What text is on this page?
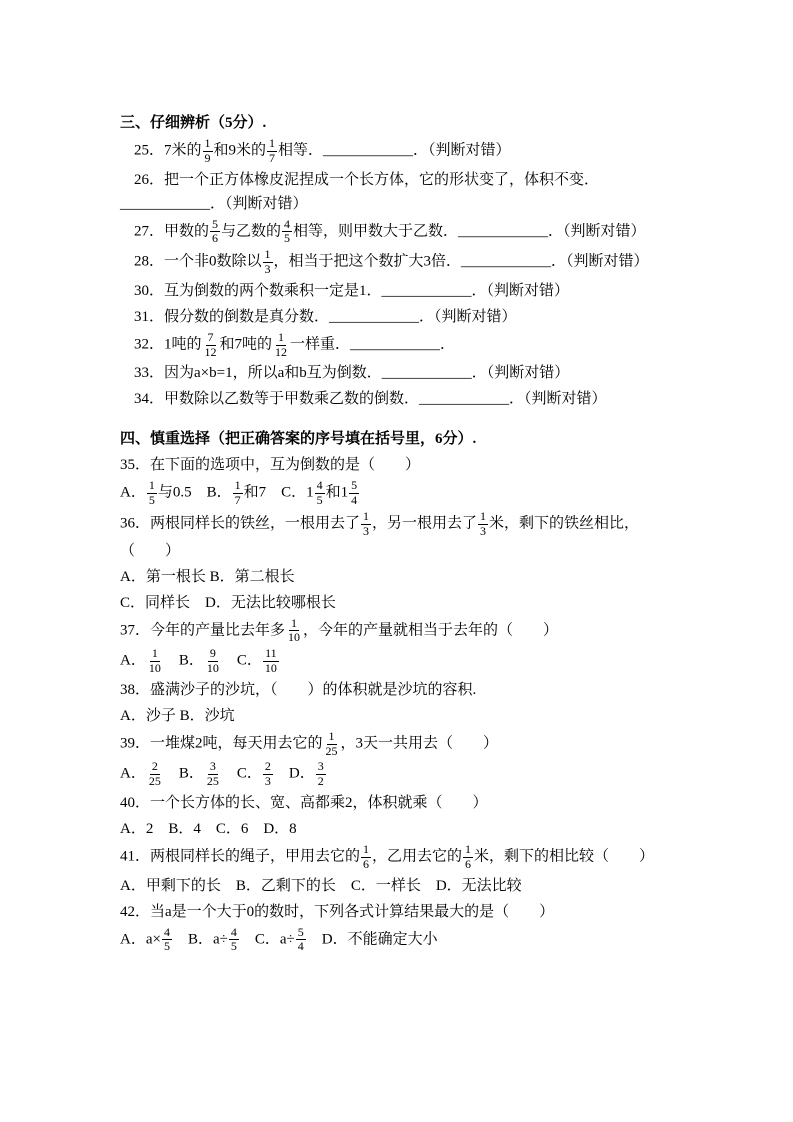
三、仔细辨析（5分）.
25．7米的 $\frac{1}{9}$ 和9米的 $\frac{1}{7}$ 相等．____________．（判断对错）
26．把一个正方体橡皮泥捏成一个长方体，它的形状变了，体积不变．____________．（判断对错）
27．甲数的 $\frac{5}{6}$ 与乙数的 $\frac{4}{5}$ 相等，则甲数大于乙数．____________．（判断对错）
28．一个非0数除以 $\frac{1}{3}$ ，相当于把这个数扩大3倍．____________．（判断对错）
30．互为倒数的两个数乘积一定是1．____________．（判断对错）
31．假分数的倒数是真分数．____________．（判断对错）
32．1吨的 $\frac{7}{12}$ 和7吨的 $\frac{1}{12}$ 一样重．____________．
33．因为a×b=1，所以a和b互为倒数．____________．（判断对错）
34．甲数除以乙数等于甲数乘乙数的倒数．____________．（判断对错）
四、慎重选择（把正确答案的序号填在括号里，6分）.
35．在下面的选项中，互为倒数的是（　　）
A． $\frac{1}{5}$ 与0.5　B． $\frac{1}{7}$ 和7　C．$1 \frac{4}{5}$ 和$1 \frac{5}{4}$
36．两根同样长的铁丝，一根用去了 $\frac{1}{3}$ ，另一根用去了 $\frac{1}{3}$ 米，剩下的铁丝相比，（　　）
A．第一根长 B．第二根长
C．同样长　D．无法比较哪根长
37．今年的产量比去年多 $\frac{1}{10}$ ，今年的产量就相当于去年的（　　）
A． $\frac{1}{10}$ 　B． $\frac{9}{10}$ 　C． $\frac{11}{10}$
38．盛满沙子的沙坑，（　　）的体积就是沙坑的容积.
A．沙子 B．沙坑
39．一堆煤2吨，每天用去它的 $\frac{1}{25}$ ，3天一共用去（　　）
A． $\frac{2}{25}$ 　B． $\frac{3}{25}$ 　C． $\frac{2}{3}$ 　D． $\frac{3}{2}$
40．一个长方体的长、宽、高都乘2，体积就乘（　　）
A．2　B．4　C．6　D．8
41．两根同样长的绳子，甲用去它的 $\frac{1}{6}$ ，乙用去它的 $\frac{1}{6}$ 米，剩下的相比较（　　）
A．甲剩下的长　B．乙剩下的长　C．一样长　D．无法比较
42．当a是一个大于0的数时，下列各式计算结果最大的是（　　）
A．$a\times \frac{4}{5}$ 　B．$a\div \frac{4}{5}$ 　C．$a\div \frac{5}{4}$ 　D．不能确定大小
